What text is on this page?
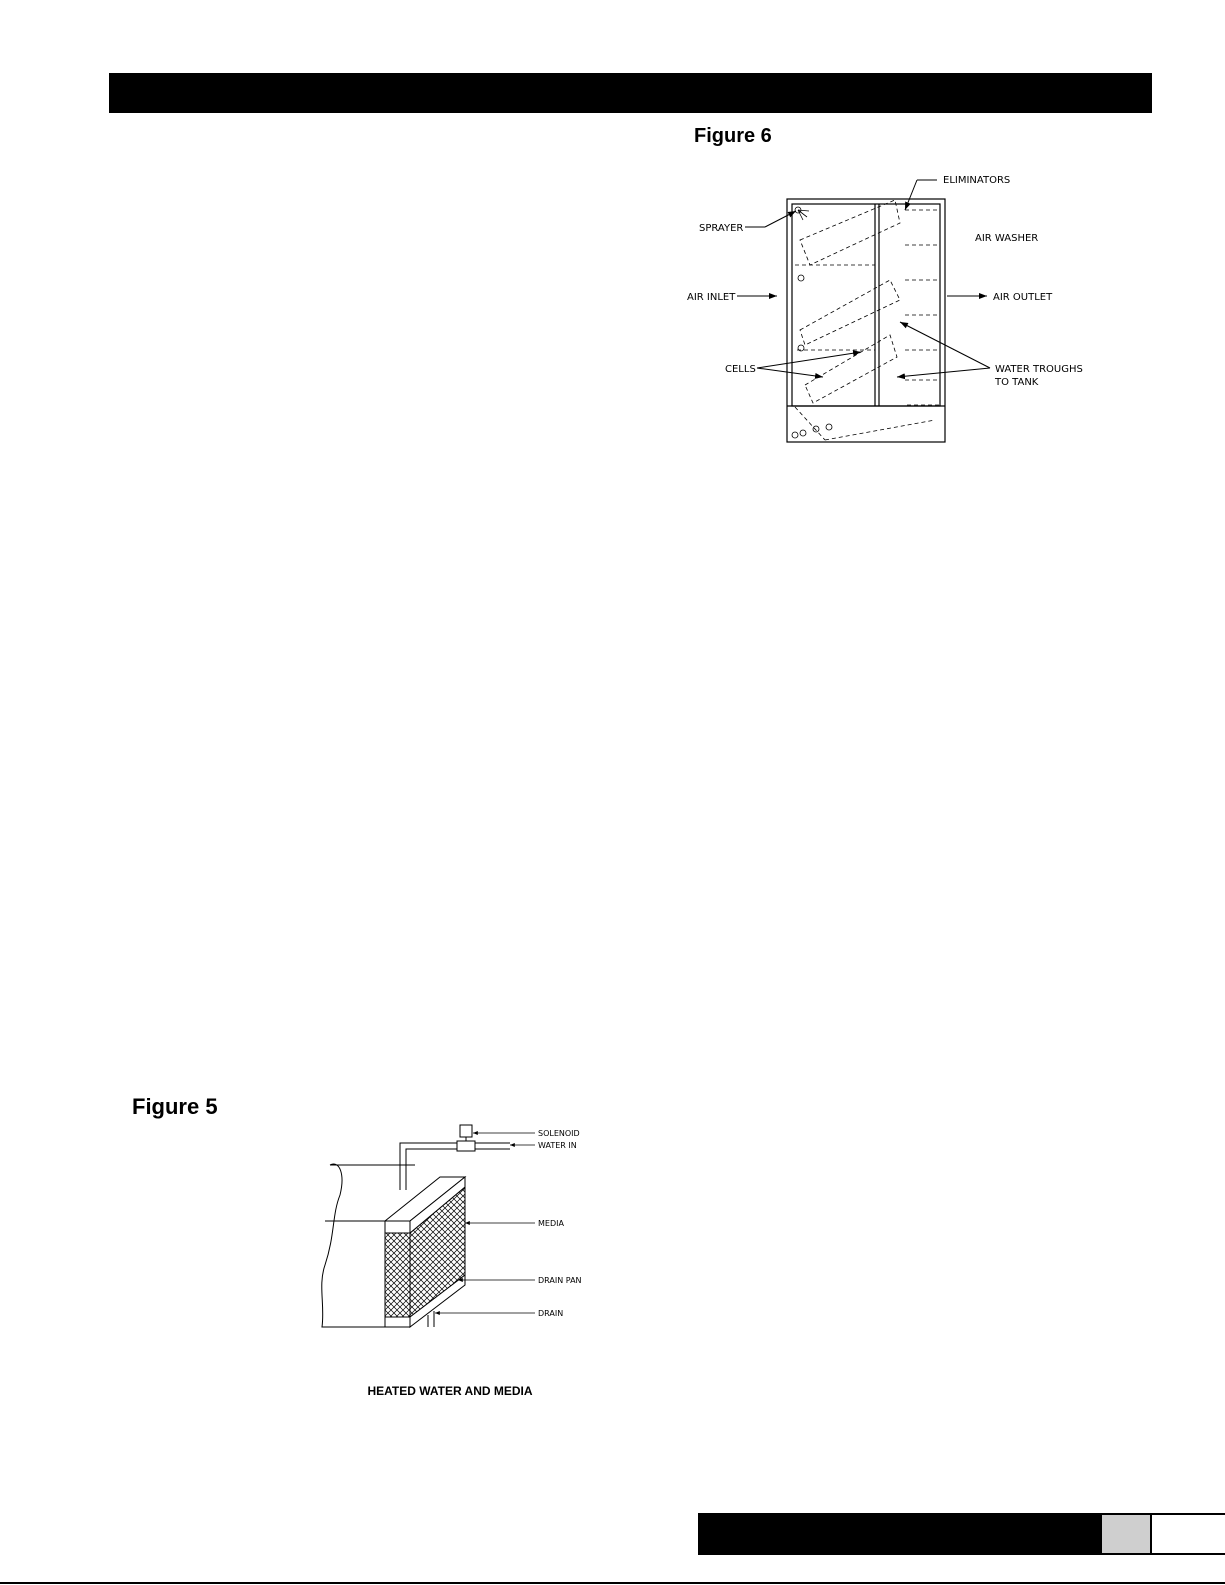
Figure 6
ELIMINATORS
SPRAYER
AIR WASHER
AIR INLET	AIR OUTLET
CELLS	WATER TROUGHS
TO TANK
Figure 5
SOLENOID
WATER IN
MEDIA
DRAIN PAN
DRAIN
HEATED WATER AND MEDIA
